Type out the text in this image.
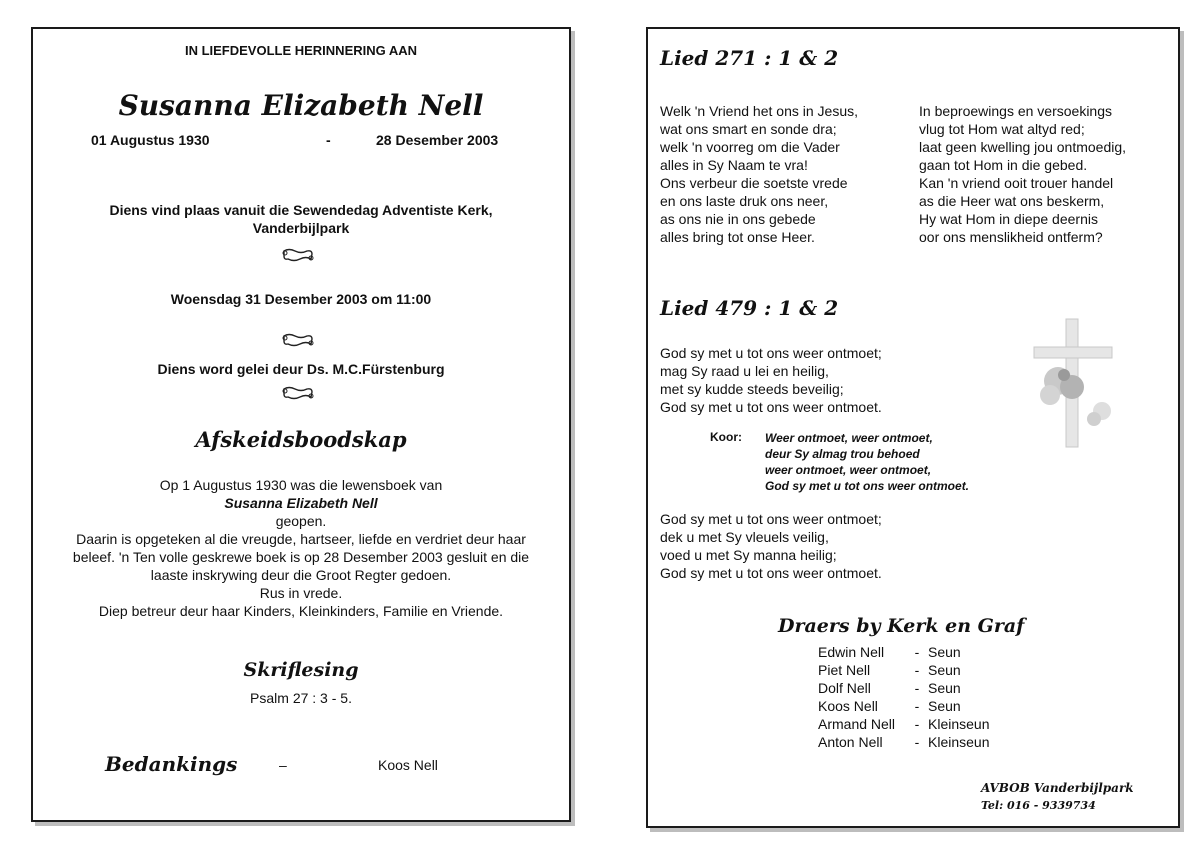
IN LIEFDEVOLLE HERINNERING AAN
Susanna Elizabeth Nell
01 Augustus 1930	-	28 Desember 2003
Diens vind plaas vanuit die Sewendedag Adventiste Kerk,
Vanderbijlpark
Woensdag 31 Desember 2003 om 11:00
Diens word gelei deur Ds. M.C.Fürstenburg
Afskeidsboodskap
Op 1 Augustus 1930 was die lewensboek van
Susanna Elizabeth Nell
geopen.
Daarin is opgeteken al die vreugde, hartseer, liefde en verdriet deur haar
beleef. 'n Ten volle geskrewe boek is op 28 Desember 2003 gesluit en die
laaste inskrywing deur die Groot Regter gedoen.
Rus in vrede.
Diep betreur deur haar Kinders, Kleinkinders, Familie en Vriende.
Skriflesing
Psalm 27 : 3 - 5.
Bedankings	–	Koos Nell
Lied 271 : 1 & 2
Welk 'n Vriend het ons in Jesus,
wat ons smart en sonde dra;
welk 'n voorreg om die Vader
alles in Sy Naam te vra!
Ons verbeur die soetste vrede
en ons laste druk ons neer,
as ons nie in ons gebede
alles bring tot onse Heer.
In beproewings en versoekings
vlug tot Hom wat altyd red;
laat geen kwelling jou ontmoedig,
gaan tot Hom in die gebed.
Kan 'n vriend ooit trouer handel
as die Heer wat ons beskerm,
Hy wat Hom in diepe deernis
oor ons menslikheid ontferm?
Lied 479 : 1 & 2
God sy met u tot ons weer ontmoet;
mag Sy raad u lei en heilig,
met sy kudde steeds beveilig;
God sy met u tot ons weer ontmoet.
Koor: Weer ontmoet, weer ontmoet,
deur Sy almag trou behoed
weer ontmoet, weer ontmoet,
God sy met u tot ons weer ontmoet.
God sy met u tot ons weer ontmoet;
dek u met Sy vleuels veilig,
voed u met Sy manna heilig;
God sy met u tot ons weer ontmoet.
Draers by Kerk en Graf
Edwin Nell	- Seun
Piet Nell	- Seun
Dolf Nell	- Seun
Koos Nell	- Seun
Armand Nell	- Kleinseun
Anton Nell	- Kleinseun
AVBOB Vanderbijlpark
Tel: 016 - 9339734
